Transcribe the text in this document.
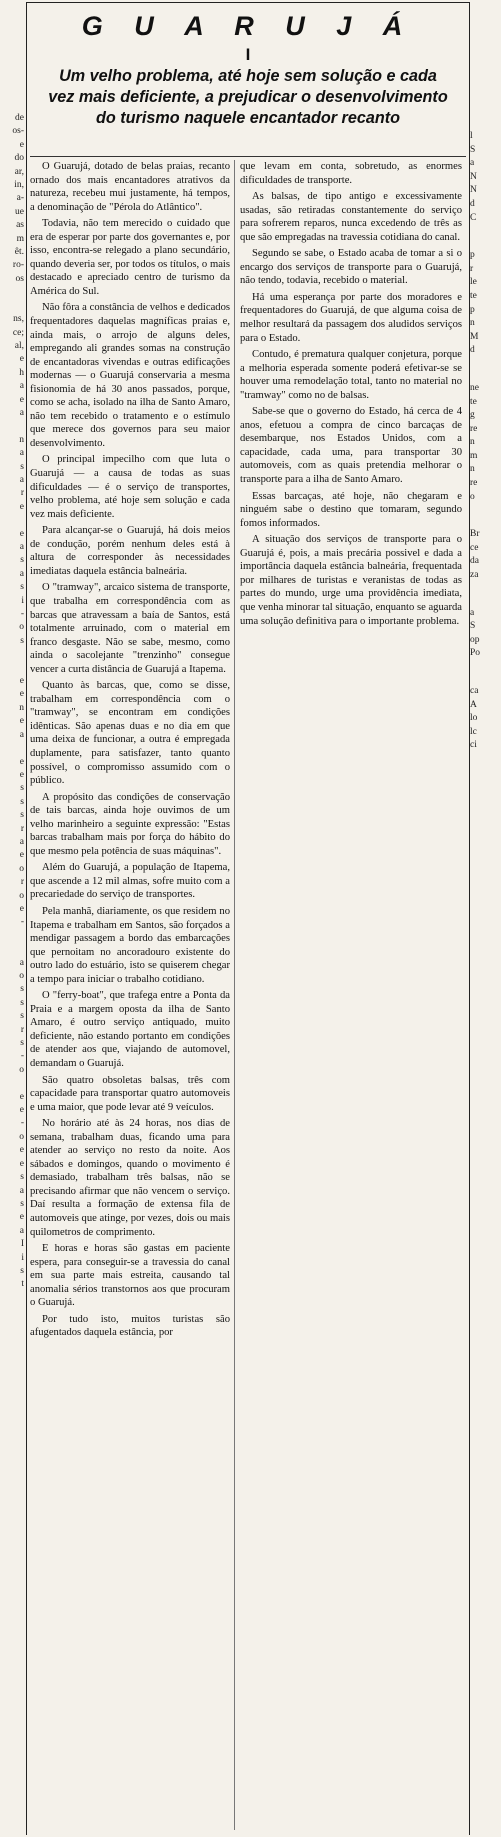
de
os-
e
do
ar,
in,
a-
ue
as
m
êt.
ro-
os

ns,
ce;
al,
e
h
a
e
a

n
a
s
a
r
e

e
a
s
a
s
i
-
o
s

e
e
n
e
a

e
e
s
s
s
r
a
e
o
r
o
e
-

a
o
s
s
s
r
s
-
o

e
e
-
o
e
e
s
a
s
e
a
I
i
s
t
l
S
a
N
N
d
C
p
r
le
te
p
n
M
d
ne
te
g
re
n
m
n
re
o
Br
ce
da
za
a
S
op
Po
ca
A
lo
lc
ci
G U A R U J Á
I
Um velho problema, até hoje sem solução e cada
vez mais deficiente, a prejudicar o desenvolvimento
do turismo naquele encantador recanto

O Guarujá, dotado de belas praias, recanto ornado dos mais encantadores atrativos da natureza, recebeu mui justamente, há tempos, a denominação de "Pérola do Atlântico".

Todavia, não tem merecido o cuidado que era de esperar por parte dos governantes e, por isso, encontra-se relegado a plano secundário, quando deveria ser, por todos os títulos, o mais destacado e apreciado centro de turismo da América do Sul.

Não fôra a constância de velhos e dedicados frequentadores daquelas magníficas praias e, ainda mais, o arrojo de alguns deles, empregando ali grandes somas na construção de encantadoras vivendas e outras edificações modernas — o Guarujá conservaria a mesma fisionomia de há 30 anos passados, porque, como se acha, isolado na ilha de Santo Amaro, não tem recebido o tratamento e o estímulo que merece dos governos para seu maior desenvolvimento.

O principal impecilho com que luta o Guarujá — a causa de todas as suas dificuldades — é o serviço de transportes, velho problema, até hoje sem solução e cada vez mais deficiente.

Para alcançar-se o Guarujá, há dois meios de condução, porém nenhum deles está à altura de corresponder às necessidades imediatas daquela estância balneária.

O "tramway", arcaico sistema de transporte, que trabalha em correspondência com as barcas que atravessam a baía de Santos, está totalmente arruinado, com o material em franco desgaste. Não se sabe, mesmo, como ainda o sacolejante "trenzinho" consegue vencer a curta distância de Guarujá a Itapema.

Quanto às barcas, que, como se disse, trabalham em correspondência com o "tramway", se encontram em condições idênticas. São apenas duas e no dia em que uma deixa de funcionar, a outra é empregada duplamente, para satisfazer, tanto quanto possível, o compromisso assumido com o público.

A propósito das condições de conservação de tais barcas, ainda hoje ouvimos de um velho marinheiro a seguinte expressão: "Estas barcas trabalham mais por força do hábito do que mesmo pela potência de suas máquinas".

Além do Guarujá, a população de Itapema, que ascende a 12 mil almas, sofre muito com a precariedade do serviço de transportes.

Pela manhã, diariamente, os que residem no Itapema e trabalham em Santos, são forçados a mendigar passagem a bordo das embarcações que pernoitam no ancoradouro existente do outro lado do estuário, isto se quiserem chegar a tempo para iniciar o trabalho cotidiano.

O "ferry-boat", que trafega entre a Ponta da Praia e a margem oposta da ilha de Santo Amaro, é outro serviço antiquado, muito deficiente, não estando portanto em condições de atender aos que, viajando de automovel, demandam o Guarujá.

São quatro obsoletas balsas, três com capacidade para transportar quatro automoveis e uma maior, que pode levar até 9 veículos.

No horário até às 24 horas, nos dias de semana, trabalham duas, ficando uma para atender ao serviço no resto da noite. Aos sábados e domingos, quando o movimento é demasiado, trabalham três balsas, não se precisando afirmar que não vencem o serviço. Daí resulta a formação de extensa fila de automoveis que atinge, por vezes, dois ou mais quilometros de comprimento.

E horas e horas são gastas em paciente espera, para conseguir-se a travessia do canal em sua parte mais estreita, causando tal anomalia sérios transtornos aos que procuram o Guarujá.

Por tudo isto, muitos turistas são afugentados daquela estância, por

que levam em conta, sobretudo, as enormes dificuldades de transporte.

As balsas, de tipo antigo e excessivamente usadas, são retiradas constantemente do serviço para sofrerem reparos, nunca excedendo de três as que são empregadas na travessia cotidiana do canal.

Segundo se sabe, o Estado acaba de tomar a si o encargo dos serviços de transporte para o Guarujá, não tendo, todavia, recebido o material.

Há uma esperança por parte dos moradores e frequentadores do Guarujá, de que alguma coisa de melhor resultará da passagem dos aludidos serviços para o Estado.

Contudo, é prematura qualquer conjetura, porque a melhoria esperada somente poderá efetivar-se se houver uma remodelação total, tanto no material no "tramway" como no de balsas.

Sabe-se que o governo do Estado, há cerca de 4 anos, efetuou a compra de cinco barcaças de desembarque, nos Estados Unidos, com a capacidade, cada uma, para transportar 30 automoveis, com as quais pretendia melhorar o transporte para a ilha de Santo Amaro.

Essas barcaças, até hoje, não chegaram e ninguém sabe o destino que tomaram, segundo fomos informados.

A situação dos serviços de transporte para o Guarujá é, pois, a mais precária possivel e dada a importância daquela estância balneária, frequentada por milhares de turistas e veranistas de todas as partes do mundo, urge uma providência imediata, que venha minorar tal situação, enquanto se aguarda uma solução definitiva para o importante problema.
